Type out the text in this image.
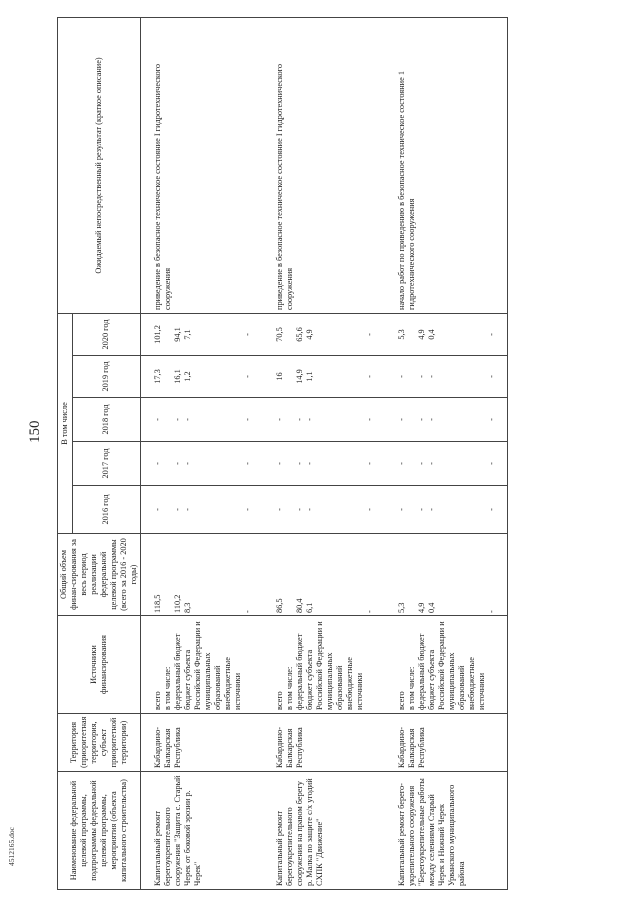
150
4512165.doc	Наименование федеральной целевой программы, подпрограммы федеральной целевой программы, мероприятия (объекта капитального строительства)	Территория (приоритетная территория, субъект приоритетной территории)	Источники финансирования	Общий объем финан-сирования за весь период реализации федеральной целевой программы (всего за 2016 - 2020 годы)	В том числе					Ожидаемый непосредственный результат (краткое описание)
				2016 год	2017 год	2018 год	2019 год	2020 год	
Капитальный ремонт берегоукрепительного сооружения "Защита с. Старый Черек от боковой эрозии р. Черек"	Кабардино-Балкарская Республика	всего в том числе: федеральный бюджет бюджет субъекта Российской Федерации и муниципальных образований внебюджетные источники	118,5 110,2 8,3 -	- - - -	- - - -	- - - -	17,3 16,1 1,2 -	101,2 94,1 7,1 -	приведение в безопасное техническое состояние I гидротехнического сооружения
Капитальный ремонт берегоукрепительного сооружения на правом берегу р. Малка по защите с/х угодий СХПК "Движение"	Кабардино-Балкарская Республика	всего в том числе: федеральный бюджет бюджет субъекта Российской Федерации и муниципальных образований внебюджетные источники	86,5 80,4 6,1 -	- - - -	- - - -	- - - -	16 14,9 1,1 -	70,5 65,6 4,9 -	приведение в безопасное техническое состояние I гидротехнического сооружения
Капитальный ремонт берего-укрепительного сооружения "Берегоукрепительные работы между селениями Старый Черек и Нижний Черек Урванского муниципального района	Кабардино-Балкарская Республика	всего в том числе: федеральный бюджет бюджет субъекта Российской Федерации и муниципальных образований внебюджетные источники	5,3 4,9 0,4 -	- - - -	- - - -	- - - -	- - - -	5,3 4,9 0,4 -	начало работ по приведению в безопасное техническое состояние 1 гидротехнического сооружения
